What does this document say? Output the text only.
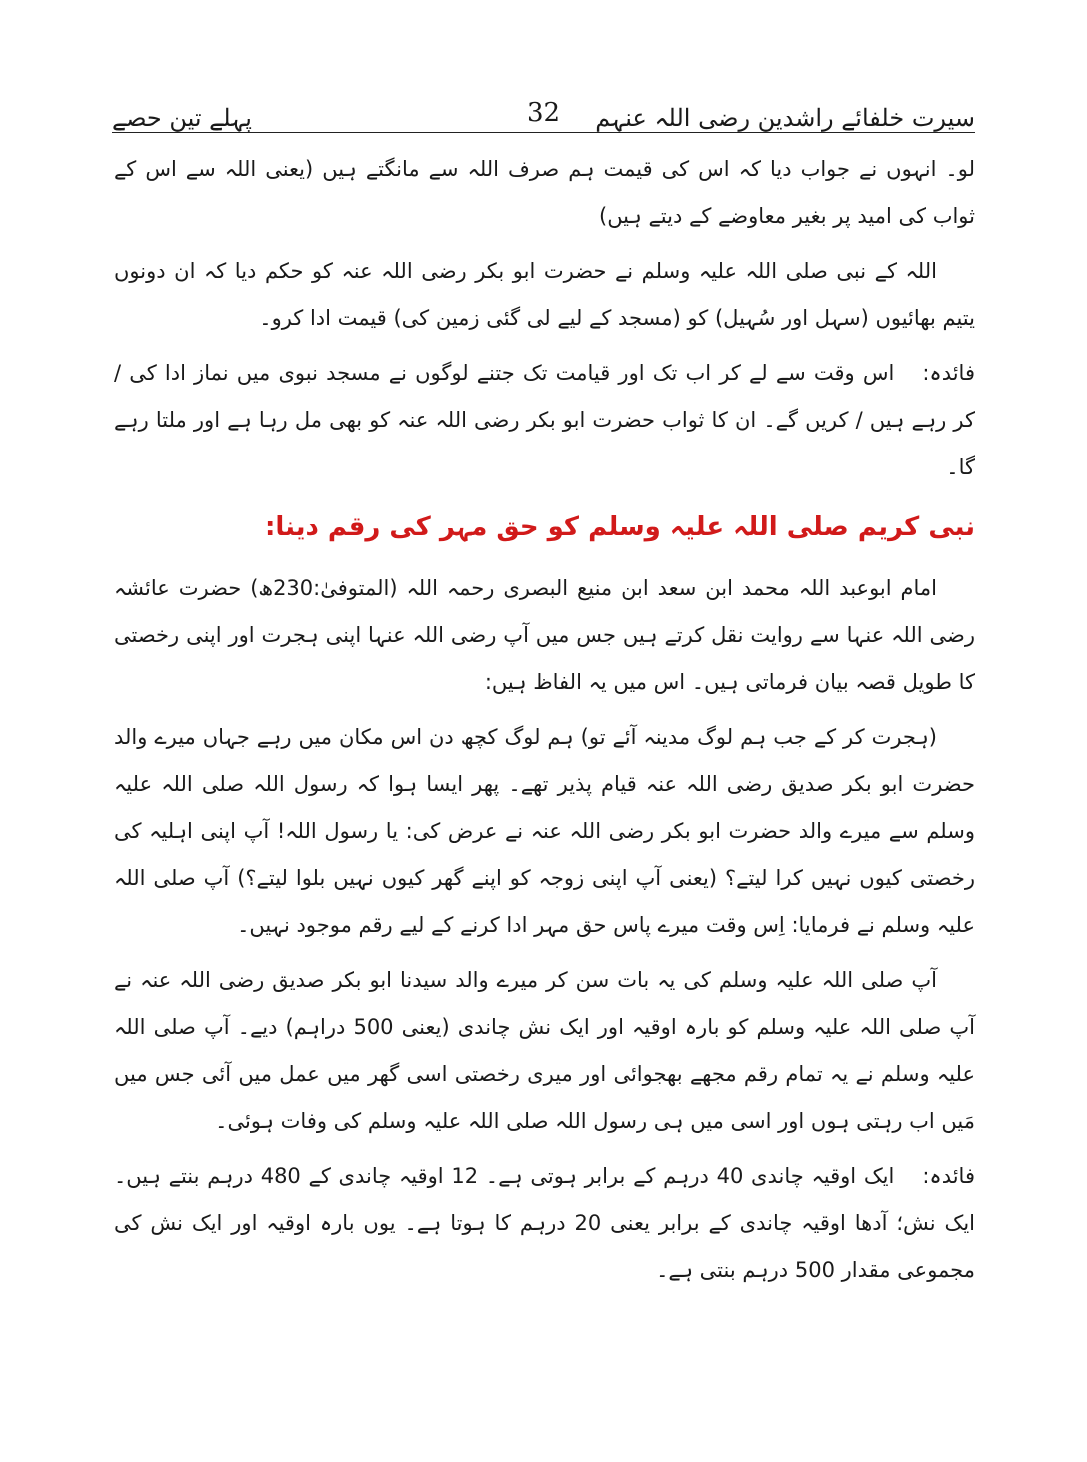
سیرت خلفائے راشدین رضی اللہ عنہم
32
پہلے تین حصے

لو۔ انہوں نے جواب دیا کہ اس کی قیمت ہم صرف اللہ سے مانگتے ہیں (یعنی اللہ سے اس کے ثواب کی امید پر بغیر معاوضے کے دیتے ہیں)

اللہ کے نبی صلی اللہ علیہ وسلم نے حضرت ابو بکر رضی اللہ عنہ کو حکم دیا کہ ان دونوں یتیم بھائیوں (سہل اور سُہیل) کو (مسجد کے لیے لی گئی زمین کی) قیمت ادا کرو۔

فائدہ:اس وقت سے لے کر اب تک اور قیامت تک جتنے لوگوں نے مسجد نبوی میں نماز ادا کی / کر رہے ہیں / کریں گے۔ ان کا ثواب حضرت ابو بکر رضی اللہ عنہ کو بھی مل رہا ہے اور ملتا رہے گا۔

نبی کریم صلی اللہ علیہ وسلم کو حق مہر کی رقم دینا:

امام ابوعبد اللہ محمد ابن سعد ابن منیع البصری رحمہ اللہ (المتوفیٰ:230ھ) حضرت عائشہ رضی اللہ عنہا سے روایت نقل کرتے ہیں جس میں آپ رضی اللہ عنہا اپنی ہجرت اور اپنی رخصتی کا طویل قصہ بیان فرماتی ہیں۔ اس میں یہ الفاظ ہیں:

(ہجرت کر کے جب ہم لوگ مدینہ آئے تو) ہم لوگ کچھ دن اس مکان میں رہے جہاں میرے والد حضرت ابو بکر صدیق رضی اللہ عنہ قیام پذیر تھے۔ پھر ایسا ہوا کہ رسول اللہ صلی اللہ علیہ وسلم سے میرے والد حضرت ابو بکر رضی اللہ عنہ نے عرض کی: یا رسول اللہ! آپ اپنی اہلیہ کی رخصتی کیوں نہیں کرا لیتے؟ (یعنی آپ اپنی زوجہ کو اپنے گھر کیوں نہیں بلوا لیتے؟) آپ صلی اللہ علیہ وسلم نے فرمایا: اِس وقت میرے پاس حق مہر ادا کرنے کے لیے رقم موجود نہیں۔

آپ صلی اللہ علیہ وسلم کی یہ بات سن کر میرے والد سیدنا ابو بکر صدیق رضی اللہ عنہ نے آپ صلی اللہ علیہ وسلم کو بارہ اوقیہ اور ایک نش چاندی (یعنی 500 دراہم) دیے۔ آپ صلی اللہ علیہ وسلم نے یہ تمام رقم مجھے بھجوائی اور میری رخصتی اسی گھر میں عمل میں آئی جس میں مَیں اب رہتی ہوں اور اسی میں ہی رسول اللہ صلی اللہ علیہ وسلم کی وفات ہوئی۔

فائدہ:ایک اوقیہ چاندی 40 درہم کے برابر ہوتی ہے۔ 12 اوقیہ چاندی کے 480 درہم بنتے ہیں۔ ایک نش؛ آدھا اوقیہ چاندی کے برابر یعنی 20 درہم کا ہوتا ہے۔ یوں بارہ اوقیہ اور ایک نش کی مجموعی مقدار 500 درہم بنتی ہے۔
